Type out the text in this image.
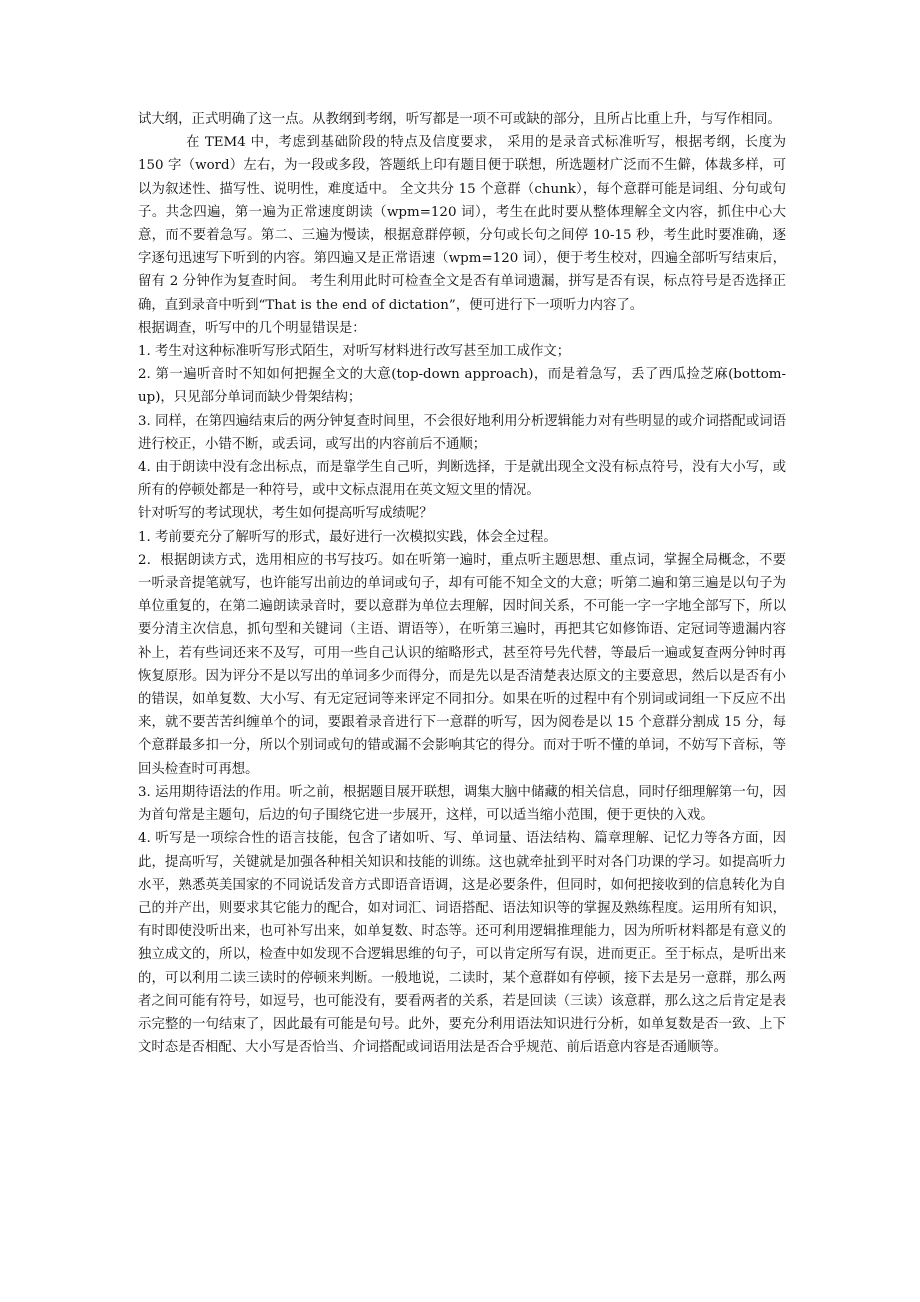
试大纲，正式明确了这一点。从教纲到考纲，听写都是一项不可或缺的部分，且所占比重上升，与写作相同。

在 TEM4 中，考虑到基础阶段的特点及信度要求， 采用的是录音式标准听写，根据考纲，长度为 150 字（word）左右，为一段或多段，答题纸上印有题目便于联想，所选题材广泛而不生僻，体裁多样，可以为叙述性、描写性、说明性，难度适中。 全文共分 15 个意群（chunk），每个意群可能是词组、分句或句子。共念四遍，第一遍为正常速度朗读（wpm=120 词），考生在此时要从整体理解全文内容，抓住中心大意，而不要着急写。第二、三遍为慢读，根据意群停顿，分句或长句之间停 10-15 秒，考生此时要准确，逐字逐句迅速写下听到的内容。第四遍又是正常语速（wpm=120 词），便于考生校对，四遍全部听写结束后，留有 2 分钟作为复查时间。 考生利用此时可检查全文是否有单词遗漏，拼写是否有误，标点符号是否选择正确，直到录音中听到“That is the end of dictation”，便可进行下一项听力内容了。

根据调查，听写中的几个明显错误是：

1. 考生对这种标准听写形式陌生，对听写材料进行改写甚至加工成作文；

2. 第一遍听音时不知如何把握全文的大意(top-down approach)，而是着急写，丢了西瓜捡芝麻(bottom-up)，只见部分单词而缺少骨架结构；

3. 同样，在第四遍结束后的两分钟复查时间里，不会很好地利用分析逻辑能力对有些明显的或介词搭配或词语进行校正，小错不断，或丢词，或写出的内容前后不通顺；

4. 由于朗读中没有念出标点，而是靠学生自己听，判断选择，于是就出现全文没有标点符号，没有大小写，或所有的停顿处都是一种符号，或中文标点混用在英文短文里的情况。

针对听写的考试现状，考生如何提高听写成绩呢？

1. 考前要充分了解听写的形式，最好进行一次模拟实践，体会全过程。

2．根据朗读方式，选用相应的书写技巧。如在听第一遍时，重点听主题思想、重点词，掌握全局概念，不要一听录音提笔就写，也许能写出前边的单词或句子，却有可能不知全文的大意；听第二遍和第三遍是以句子为单位重复的，在第二遍朗读录音时，要以意群为单位去理解，因时间关系，不可能一字一字地全部写下，所以要分清主次信息，抓句型和关键词（主语、谓语等），在听第三遍时，再把其它如修饰语、定冠词等遗漏内容补上，若有些词还来不及写，可用一些自己认识的缩略形式，甚至符号先代替，等最后一遍或复查两分钟时再恢复原形。因为评分不是以写出的单词多少而得分，而是先以是否清楚表达原文的主要意思，然后以是否有小的错误，如单复数、大小写、有无定冠词等来评定不同扣分。如果在听的过程中有个别词或词组一下反应不出来，就不要苦苦纠缠单个的词，要跟着录音进行下一意群的听写，因为阅卷是以 15 个意群分割成 15 分，每个意群最多扣一分，所以个别词或句的错或漏不会影响其它的得分。而对于听不懂的单词，不妨写下音标，等回头检查时可再想。

3. 运用期待语法的作用。听之前，根据题目展开联想，调集大脑中储藏的相关信息，同时仔细理解第一句，因为首句常是主题句，后边的句子围绕它进一步展开，这样，可以适当缩小范围，便于更快的入戏。

4. 听写是一项综合性的语言技能，包含了诸如听、写、单词量、语法结构、篇章理解、记忆力等各方面，因此，提高听写，关键就是加强各种相关知识和技能的训练。这也就牵扯到平时对各门功课的学习。如提高听力水平，熟悉英美国家的不同说话发音方式即语音语调，这是必要条件，但同时，如何把接收到的信息转化为自己的并产出，则要求其它能力的配合，如对词汇、词语搭配、语法知识等的掌握及熟练程度。运用所有知识，有时即使没听出来，也可补写出来，如单复数、时态等。还可利用逻辑推理能力，因为所听材料都是有意义的独立成文的，所以，检查中如发现不合逻辑思维的句子，可以肯定所写有误，进而更正。至于标点，是听出来的，可以利用二读三读时的停顿来判断。一般地说，二读时，某个意群如有停顿，接下去是另一意群，那么两者之间可能有符号，如逗号，也可能没有，要看两者的关系，若是回读（三读）该意群，那么这之后肯定是表示完整的一句结束了，因此最有可能是句号。此外，要充分利用语法知识进行分析，如单复数是否一致、上下文时态是否相配、大小写是否恰当、介词搭配或词语用法是否合乎规范、前后语意内容是否通顺等。
